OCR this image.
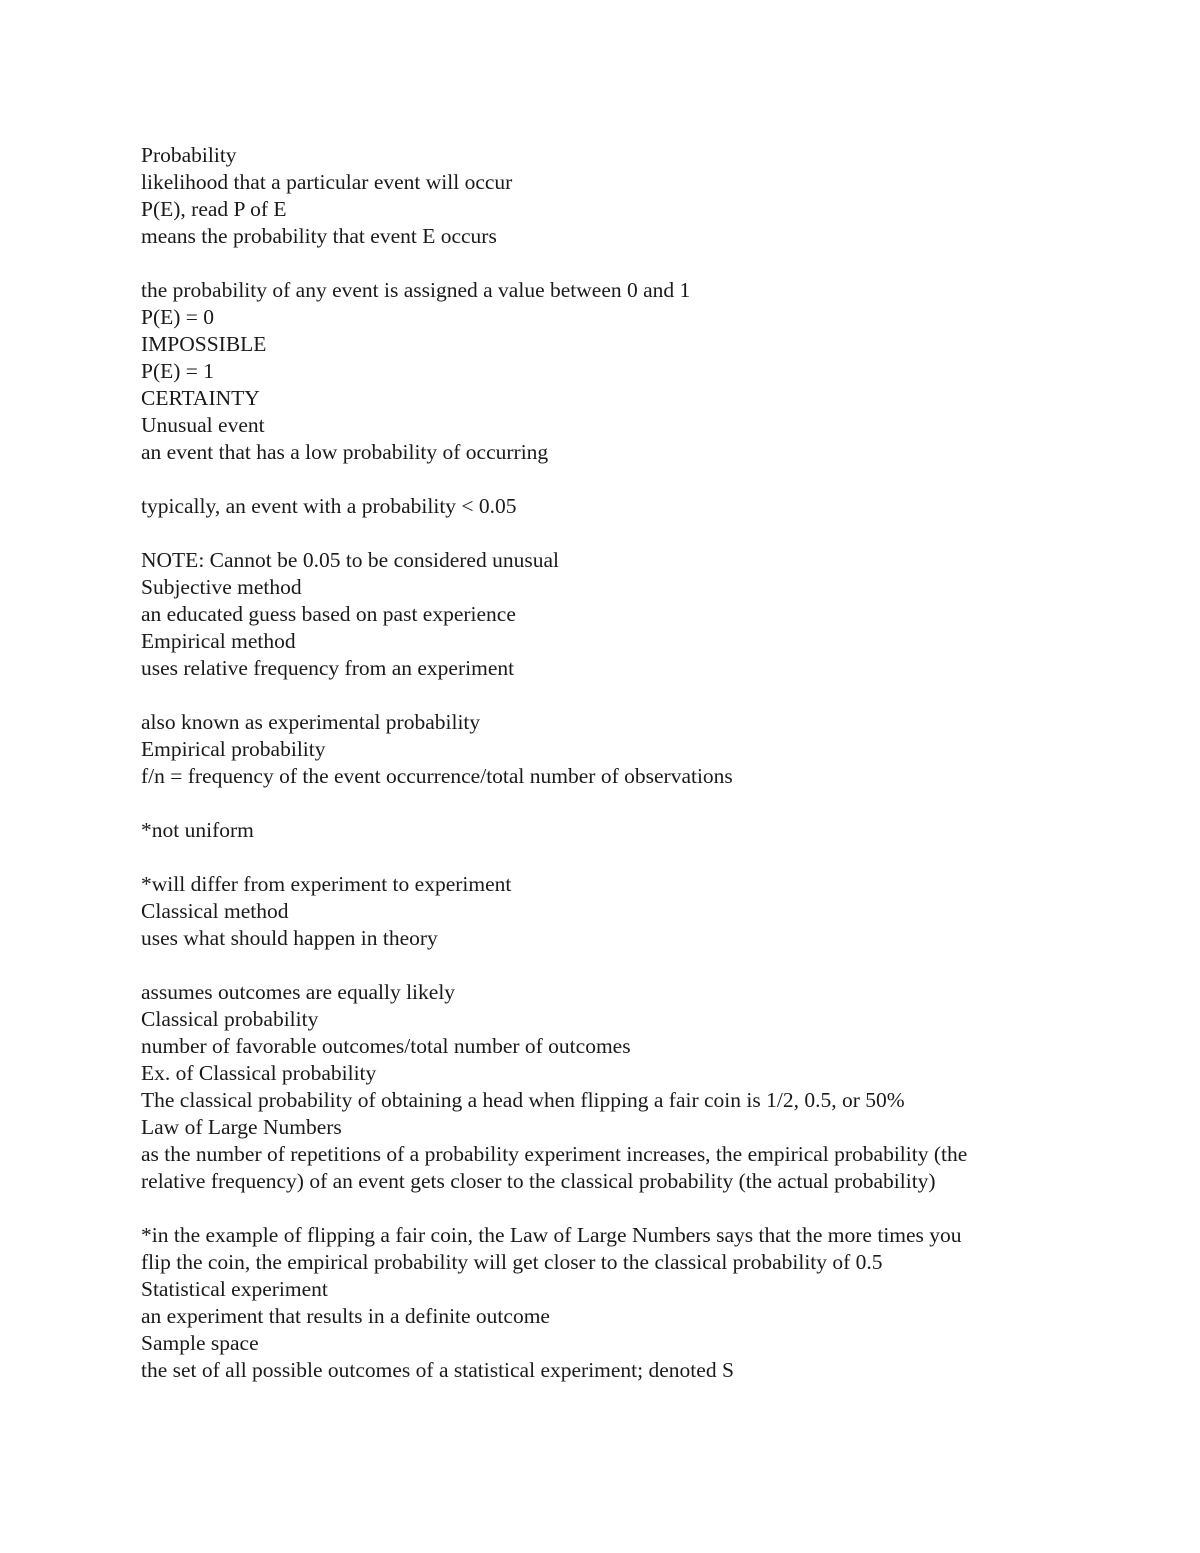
Probability
likelihood that a particular event will occur
P(E), read P of E
means the probability that event E occurs
the probability of any event is assigned a value between 0 and 1
P(E) = 0
IMPOSSIBLE
P(E) = 1
CERTAINTY
Unusual event
an event that has a low probability of occurring
typically, an event with a probability < 0.05
NOTE: Cannot be 0.05 to be considered unusual
Subjective method
an educated guess based on past experience
Empirical method
uses relative frequency from an experiment
also known as experimental probability
Empirical probability
f/n = frequency of the event occurrence/total number of observations
*not uniform
*will differ from experiment to experiment
Classical method
uses what should happen in theory
assumes outcomes are equally likely
Classical probability
number of favorable outcomes/total number of outcomes
Ex. of Classical probability
The classical probability of obtaining a head when flipping a fair coin is 1/2, 0.5, or 50%
Law of Large Numbers
as the number of repetitions of a probability experiment increases, the empirical probability (the
relative frequency) of an event gets closer to the classical probability (the actual probability)
*in the example of flipping a fair coin, the Law of Large Numbers says that the more times you
flip the coin, the empirical probability will get closer to the classical probability of 0.5
Statistical experiment
an experiment that results in a definite outcome
Sample space
the set of all possible outcomes of a statistical experiment; denoted S
